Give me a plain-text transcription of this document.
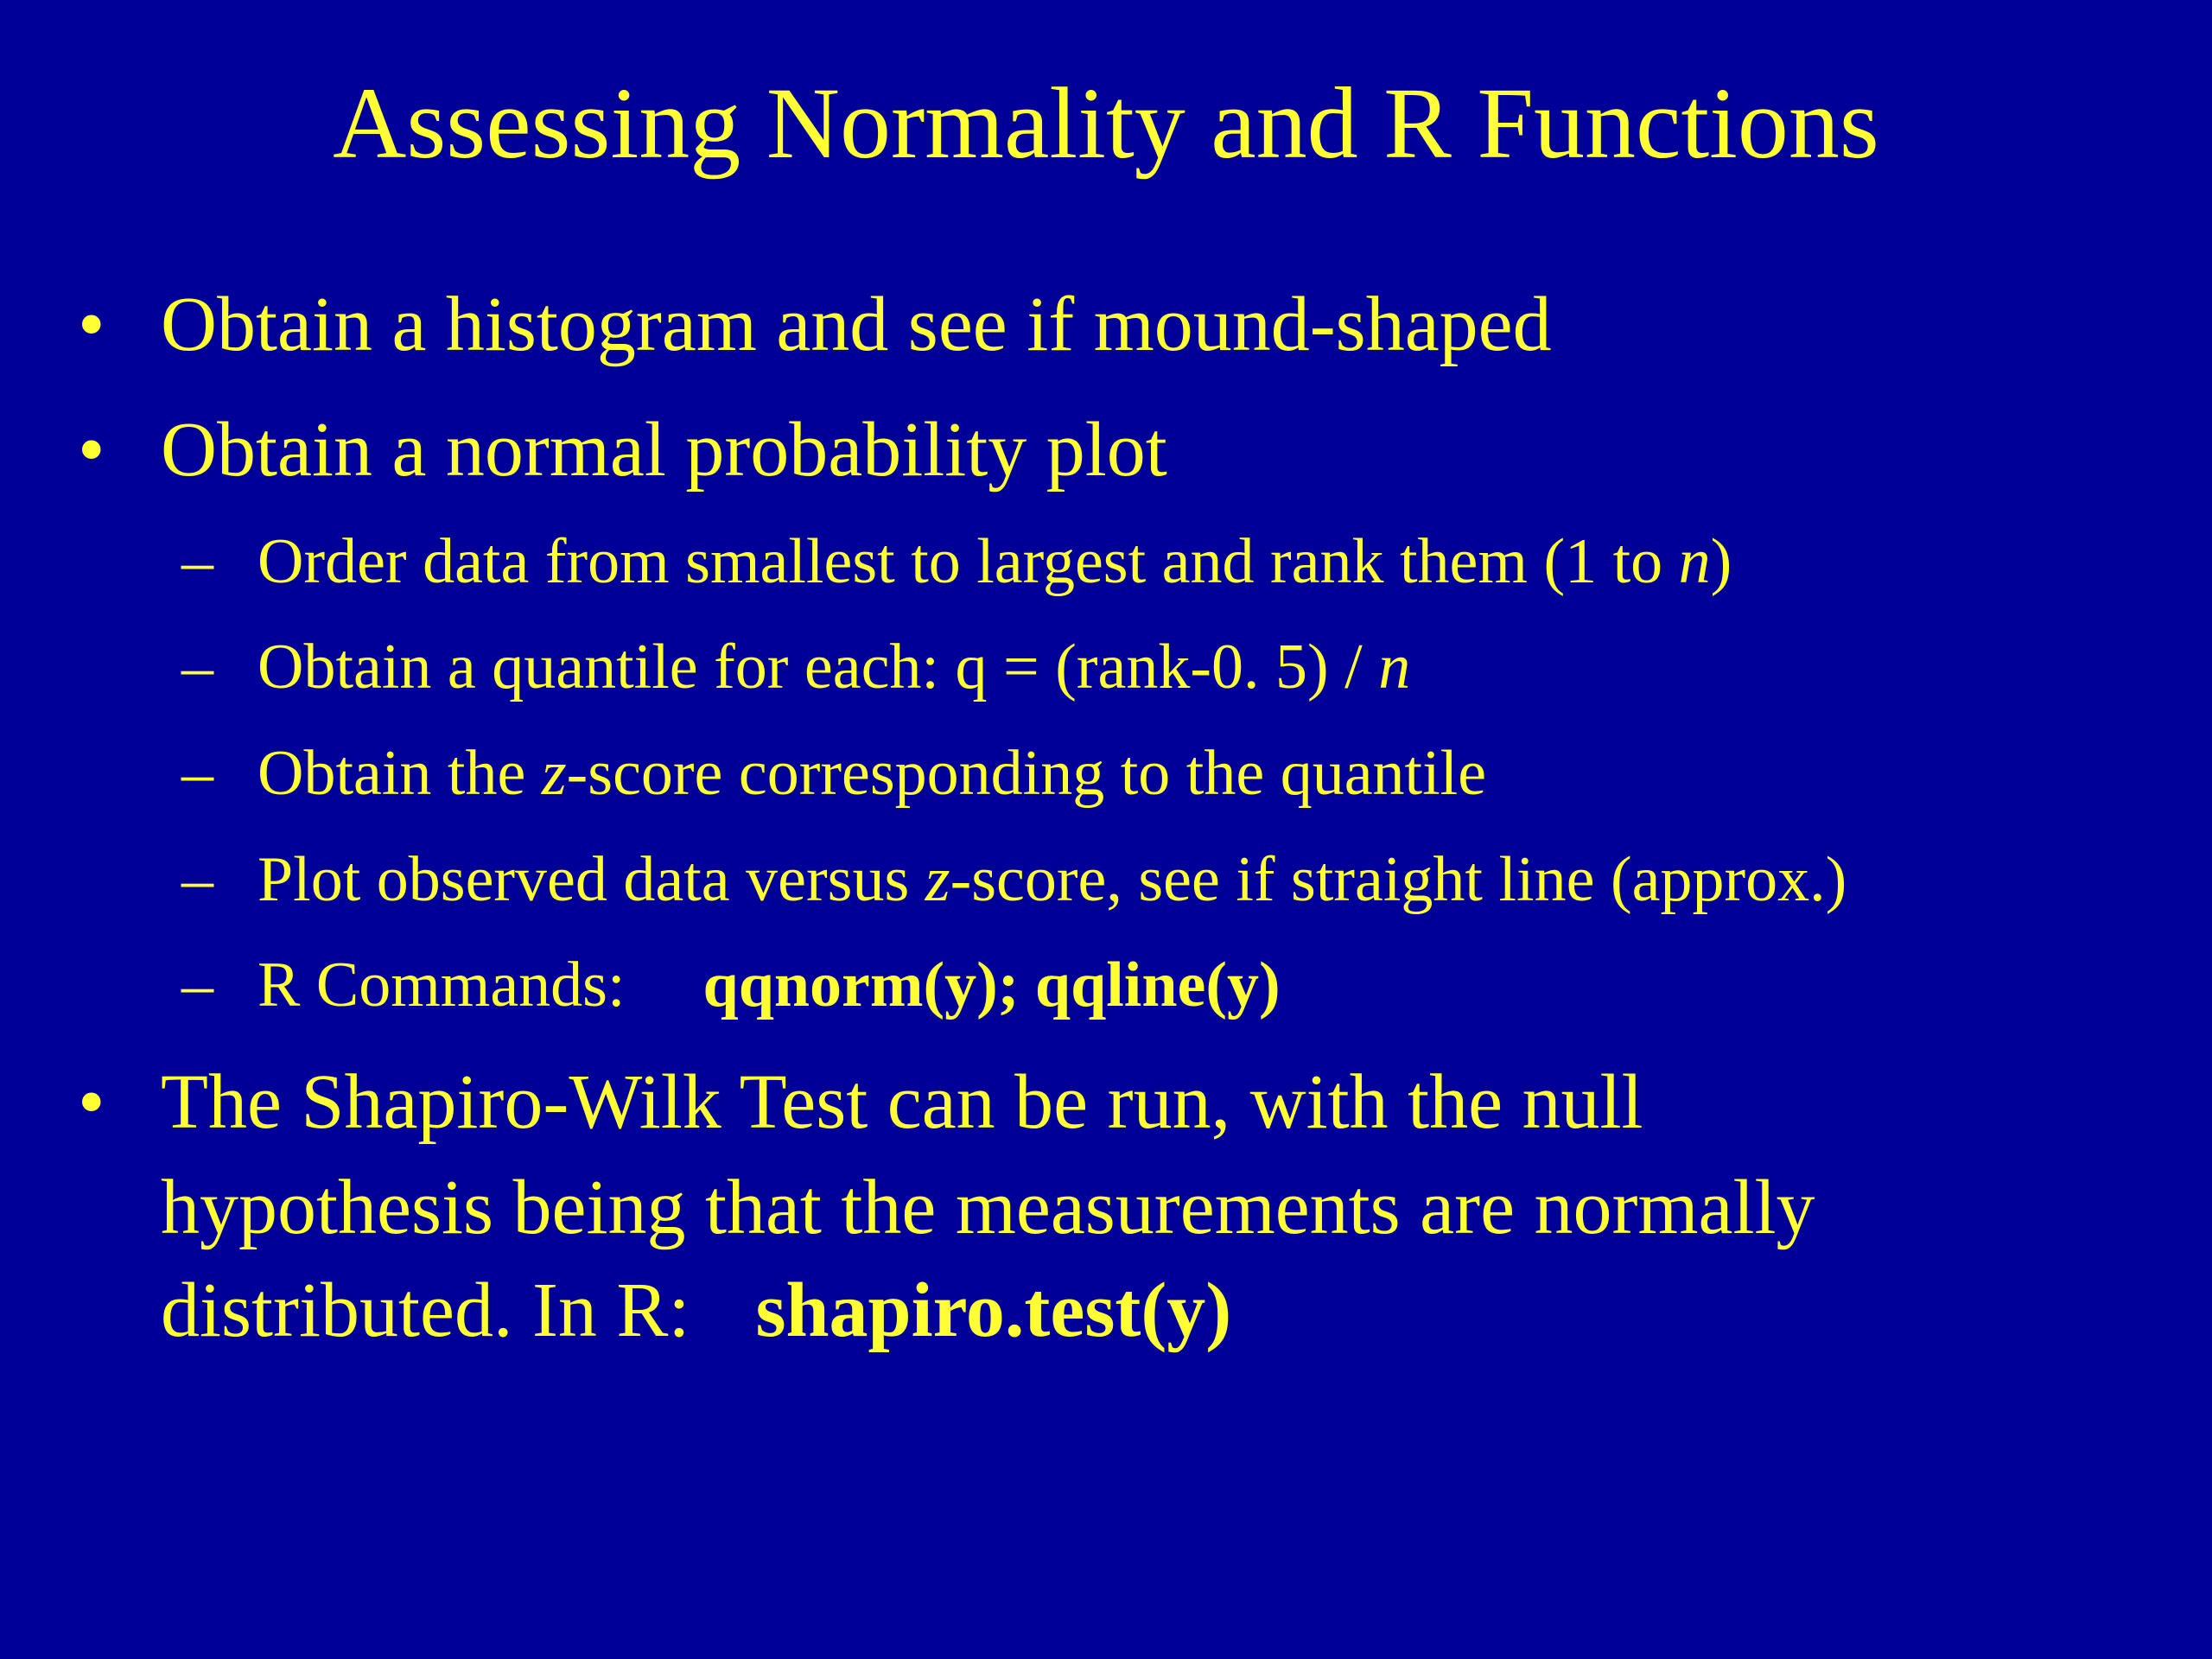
Assessing Normality and R Functions
• Obtain a histogram and see if mound-shaped
• Obtain a normal probability plot
– Order data from smallest to largest and rank them (1 to n)
– Obtain a quantile for each: q = (rank-0. 5) / n
– Obtain the z-score corresponding to the quantile
– Plot observed data versus z-score, see if straight line (approx.)
– R Commands: qqnorm(y); qqline(y)
• The Shapiro-Wilk Test can be run, with the null
hypothesis being that the measurements are normally
distributed. In R: shapiro.test(y)
